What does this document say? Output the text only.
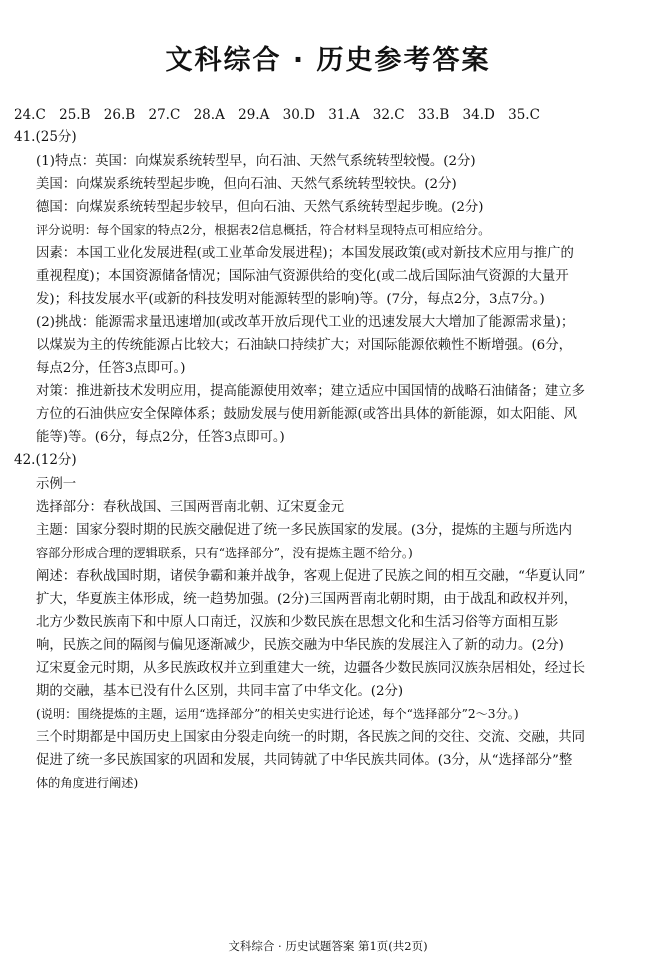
文科综合 · 历史参考答案
24.C 25.B 26.B 27.C 28.A 29.A 30.D 31.A 32.C 33.B 34.D 35.C
41.(25分)

(1)特点：英国：向煤炭系统转型早，向石油、天然气系统转型较慢。(2分)

美国：向煤炭系统转型起步晚，但向石油、天然气系统转型较快。(2分)

德国：向煤炭系统转型起步较早，但向石油、天然气系统转型起步晚。(2分)

评分说明：每个国家的特点2分，根据表2信息概括，符合材料呈现特点可相应给分。

因素：本国工业化发展进程(或工业革命发展进程)；本国发展政策(或对新技术应用与推广的

重视程度)；本国资源储备情况；国际油气资源供给的变化(或二战后国际油气资源的大量开

发)；科技发展水平(或新的科技发明对能源转型的影响)等。(7分，每点2分，3点7分。)

(2)挑战：能源需求量迅速增加(或改革开放后现代工业的迅速发展大大增加了能源需求量)；

以煤炭为主的传统能源占比较大；石油缺口持续扩大；对国际能源依赖性不断增强。(6分，

每点2分，任答3点即可。)

对策：推进新技术发明应用，提高能源使用效率；建立适应中国国情的战略石油储备；建立多

方位的石油供应安全保障体系；鼓励发展与使用新能源(或答出具体的新能源，如太阳能、风

能等)等。(6分，每点2分，任答3点即可。)

42.(12分)

示例一

选择部分：春秋战国、三国两晋南北朝、辽宋夏金元

主题：国家分裂时期的民族交融促进了统一多民族国家的发展。(3分，提炼的主题与所选内

容部分形成合理的逻辑联系，只有“选择部分”，没有提炼主题不给分。)

阐述：春秋战国时期，诸侯争霸和兼并战争，客观上促进了民族之间的相互交融，“华夏认同”

扩大，华夏族主体形成，统一趋势加强。(2分)三国两晋南北朝时期，由于战乱和政权并列，

北方少数民族南下和中原人口南迁，汉族和少数民族在思想文化和生活习俗等方面相互影

响，民族之间的隔阂与偏见逐渐减少，民族交融为中华民族的发展注入了新的动力。(2分)

辽宋夏金元时期，从多民族政权并立到重建大一统，边疆各少数民族同汉族杂居相处，经过长

期的交融，基本已没有什么区别，共同丰富了中华文化。(2分)

(说明：围绕提炼的主题，运用“选择部分”的相关史实进行论述，每个“选择部分”2～3分。)

三个时期都是中国历史上国家由分裂走向统一的时期，各民族之间的交往、交流、交融，共同

促进了统一多民族国家的巩固和发展，共同铸就了中华民族共同体。(3分，从“选择部分”整

体的角度进行阐述)

文科综合 · 历史试题答案 第1页(共2页)
